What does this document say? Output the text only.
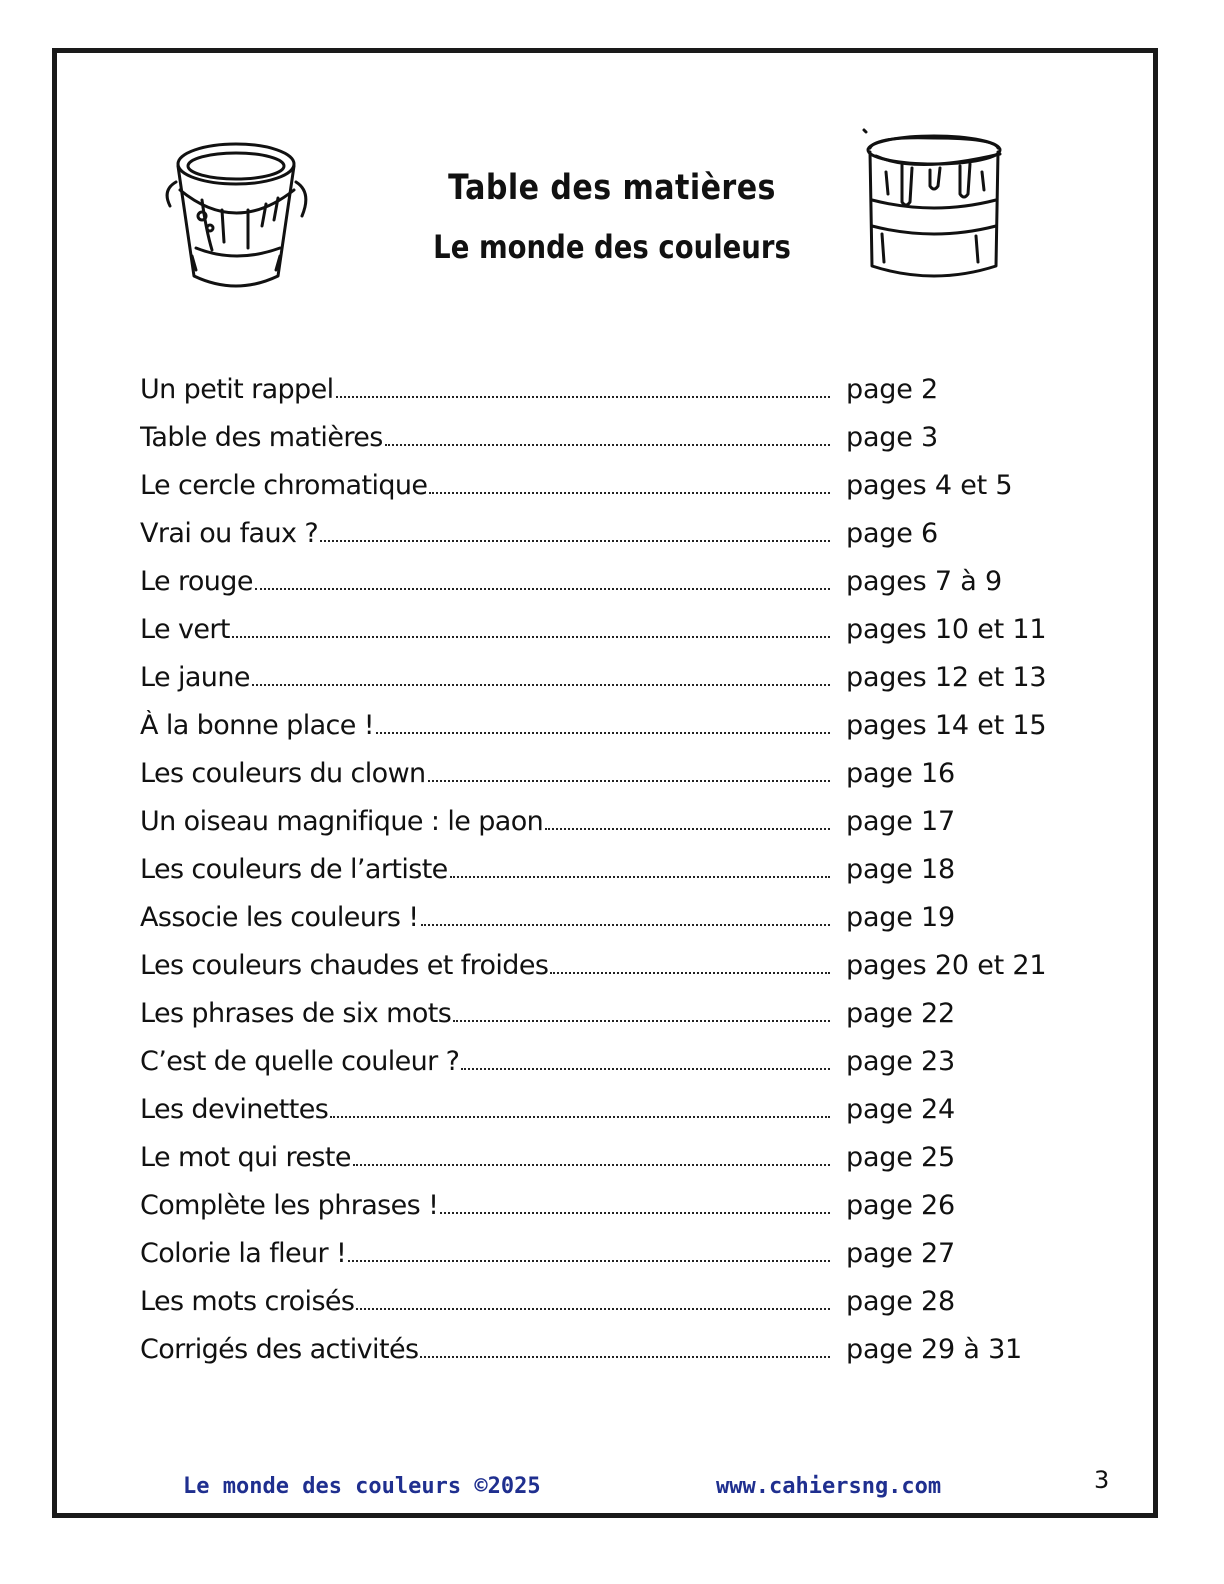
Table des matières
Le monde des couleurs
Un petit rappel	page 2
Table des matières	page 3
Le cercle chromatique	pages 4 et 5
Vrai ou faux ?	page 6
Le rouge	pages 7 à 9
Le vert	pages 10 et 11
Le jaune	pages 12 et 13
À la bonne place !	pages 14 et 15
Les couleurs du clown	page 16
Un oiseau magnifique : le paon	page 17
Les couleurs de l’artiste	page 18
Associe les couleurs !	page 19
Les couleurs chaudes et froides	pages 20 et 21
Les phrases de six mots	page 22
C’est de quelle couleur ?	page 23
Les devinettes	page 24
Le mot qui reste	page 25
Complète les phrases !	page 26
Colorie la fleur !	page 27
Les mots croisés	page 28
Corrigés des activités	page 29 à 31
Le monde des couleurs ©2025	www.cahiersng.com	3
